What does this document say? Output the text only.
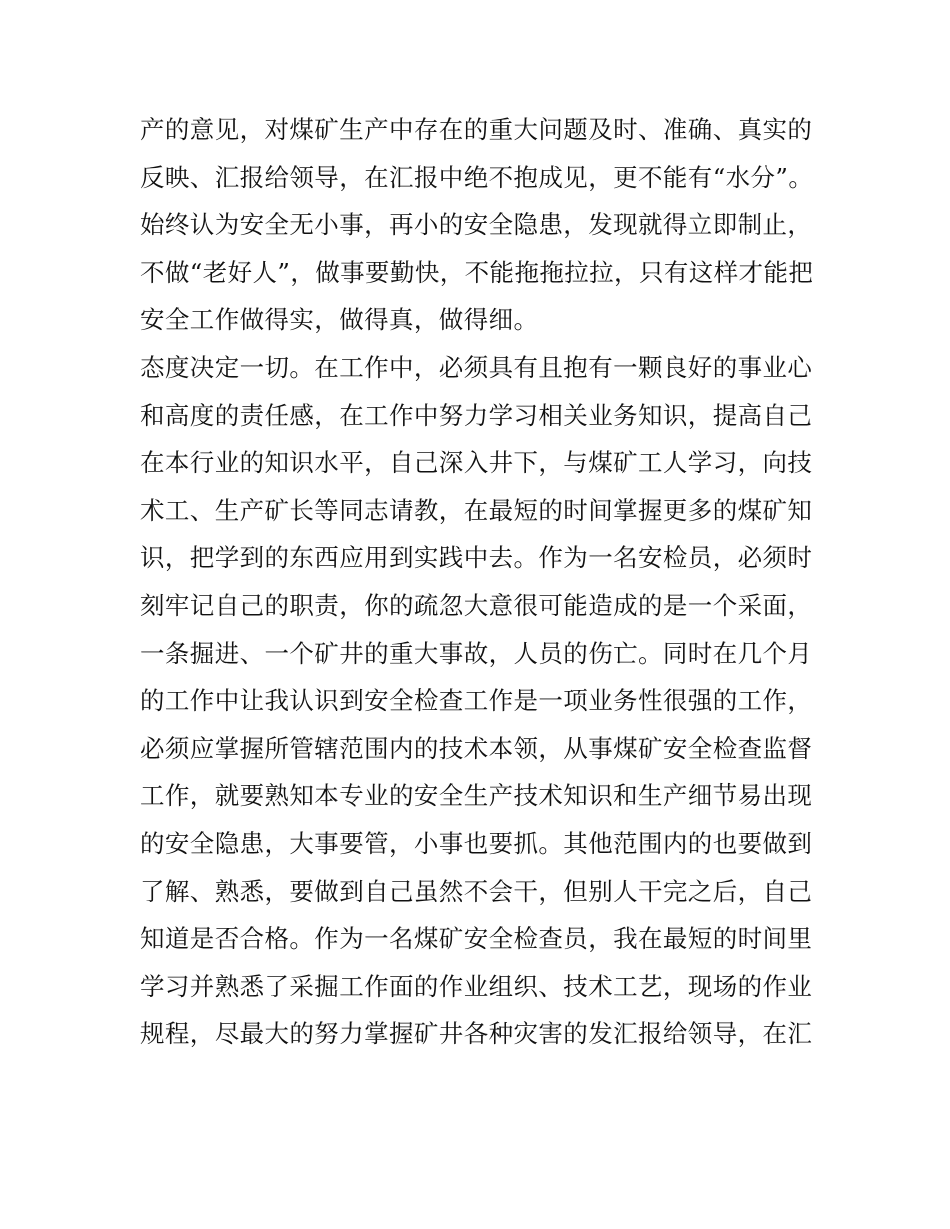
产的意见，对煤矿生产中存在的重大问题及时、准确、真实的
反映、汇报给领导，在汇报中绝不抱成见，更不能有“水分”。
始终认为安全无小事，再小的安全隐患，发现就得立即制止，
不做“老好人”，做事要勤快，不能拖拖拉拉，只有这样才能把
安全工作做得实，做得真，做得细。
态度决定一切。在工作中，必须具有且抱有一颗良好的事业心
和高度的责任感，在工作中努力学习相关业务知识，提高自己
在本行业的知识水平，自己深入井下，与煤矿工人学习，向技
术工、生产矿长等同志请教，在最短的时间掌握更多的煤矿知
识，把学到的东西应用到实践中去。作为一名安检员，必须时
刻牢记自己的职责，你的疏忽大意很可能造成的是一个采面，
一条掘进、一个矿井的重大事故，人员的伤亡。同时在几个月
的工作中让我认识到安全检查工作是一项业务性很强的工作，
必须应掌握所管辖范围内的技术本领，从事煤矿安全检查监督
工作，就要熟知本专业的安全生产技术知识和生产细节易出现
的安全隐患，大事要管，小事也要抓。其他范围内的也要做到
了解、熟悉，要做到自己虽然不会干，但别人干完之后，自己
知道是否合格。作为一名煤矿安全检查员，我在最短的时间里
学习并熟悉了采掘工作面的作业组织、技术工艺，现场的作业
规程，尽最大的努力掌握矿井各种灾害的发汇报给领导，在汇
